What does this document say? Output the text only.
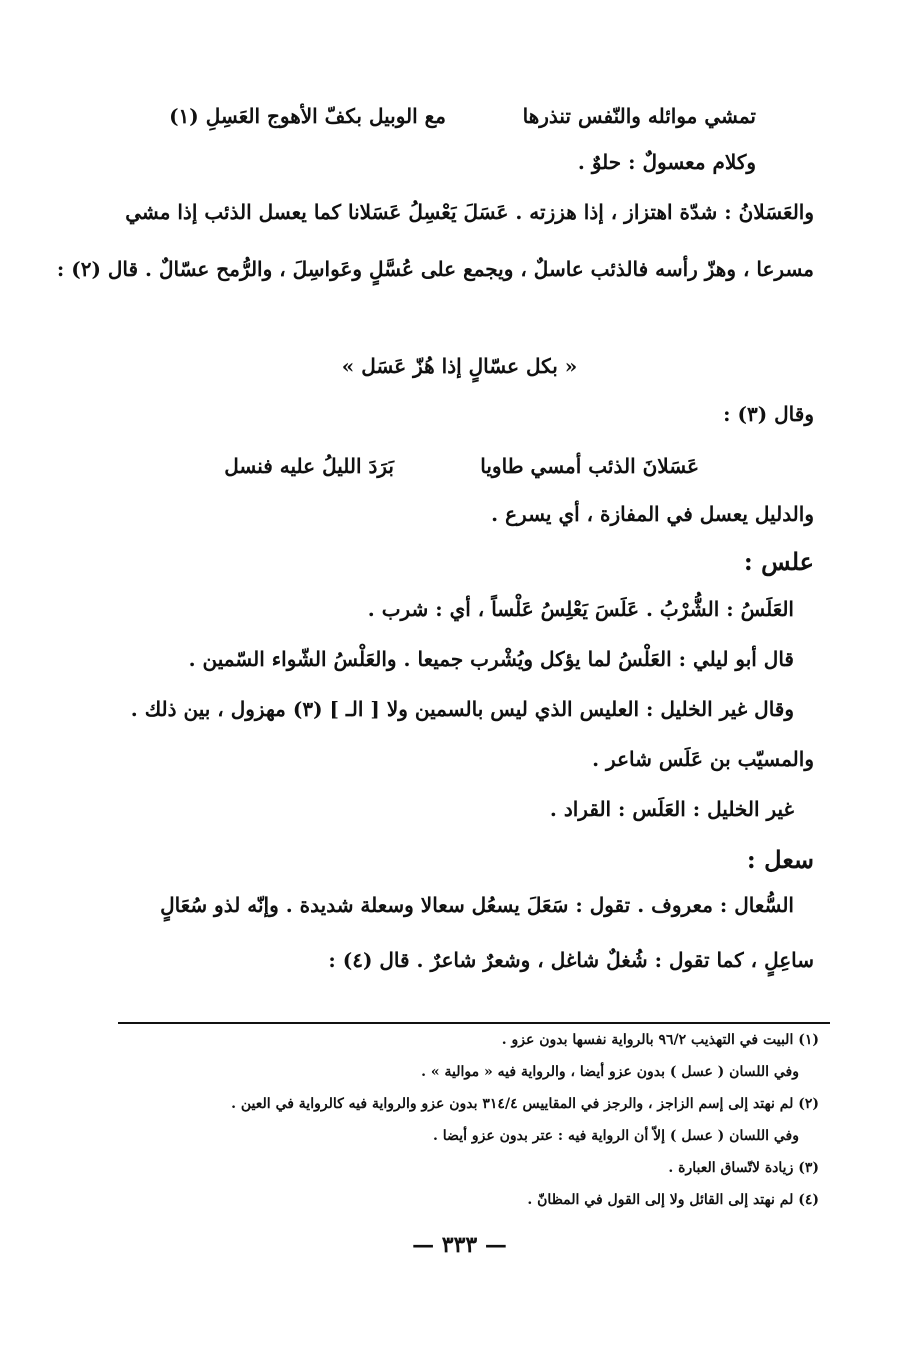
تمشي موائله والنّفس تنذرها
مع الوبيل بكفّ الأهوج العَسِلِ (١)
وكلام معسولٌ : حلوٌ .
والعَسَلانُ : شدّة اهتزاز ، إذا هززته . عَسَلَ يَعْسِلُ عَسَلانا كما يعسل الذئب إذا مشي
مسرعا ، وهزّ رأسه فالذئب عاسلٌ ، ويجمع على عُسَّلٍ وعَواسِلَ ، والرُّمح عسّالٌ . قال (٢) :
« بكل عسّالٍ إذا هُزّ عَسَل »
وقال (٣) :
عَسَلانَ الذئب أمسي طاويا
بَرَدَ الليلُ عليه فنسل
والدليل يعسل في المفازة ، أي يسرع .
علس :
العَلَسُ : الشُّرْبُ . عَلَسَ يَعْلِسُ عَلْساً ، أي : شرب .
قال أبو ليلي : العَلْسُ لما يؤكل ويُشْرب جميعا . والعَلْسُ الشّواء السّمين .
وقال غير الخليل : العليس الذي ليس بالسمين ولا [ الـ ] (٣) مهزول ، بين ذلك .
والمسيّب بن عَلَس شاعر .
غير الخليل : العَلَس : القراد .
سعل :
السُّعال : معروف . تقول : سَعَلَ يسعُل سعالا وسعلة شديدة . وإنّه لذو سُعَالٍ
ساعِلٍ ، كما تقول : شُغلٌ شاغل ، وشعرٌ شاعرٌ . قال (٤) :
(١) البيت في التهذيب ٩٦/٢ بالرواية نفسها بدون عزو .
وفي اللسان ( عسل ) بدون عزو أيضا ، والرواية فيه « موالية » .
(٢) لم نهتد إلى إسم الزاجز ، والرجز في المقاييس ٣١٤/٤ بدون عزو والرواية فيه كالرواية في العين .
وفي اللسان ( عسل ) إلاّ أن الرواية فيه : عتر بدون عزو أيضا .
(٣) زيادة لاتّساق العبارة .
(٤) لم نهتد إلى القائل ولا إلى القول في المظانّ .
— ٣٣٣ —
